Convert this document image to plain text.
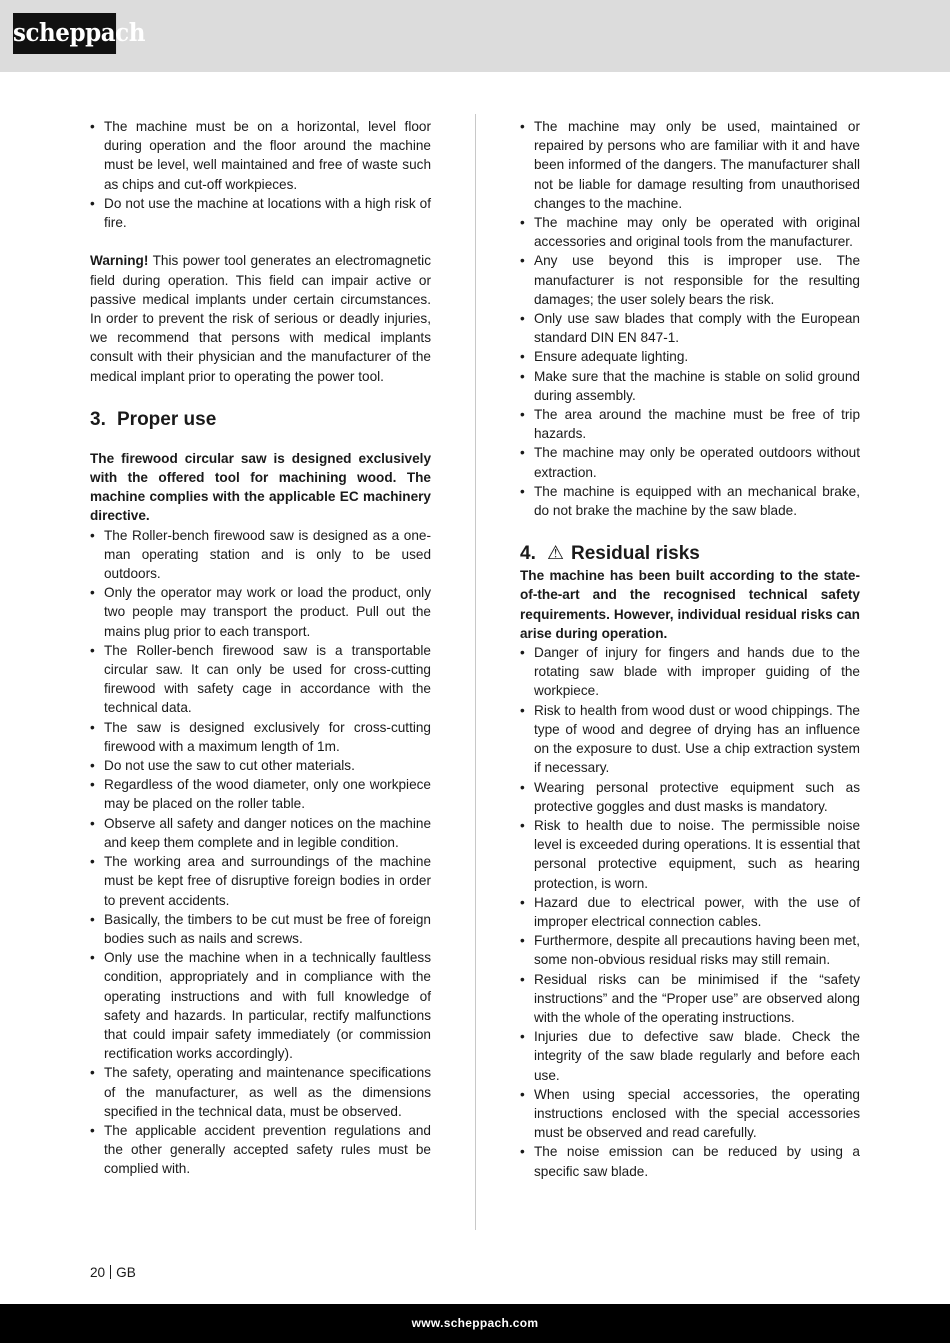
scheppach
• The machine must be on a horizontal, level floor during operation and the floor around the machine must be level, well maintained and free of waste such as chips and cut-off workpieces.
• Do not use the machine at locations with a high risk of fire.

Warning! This power tool generates an electromagnetic field during operation. This field can impair active or passive medical implants under certain circumstances. In order to prevent the risk of serious or deadly injuries, we recommend that persons with medical implants consult with their physician and the manufacturer of the medical implant prior to operating the power tool.

3. Proper use

The firewood circular saw is designed exclusively with the offered tool for machining wood. The machine complies with the applicable EC machinery directive.

• The Roller-bench firewood saw is designed as a one-man operating station and is only to be used outdoors.
• Only the operator may work or load the product, only two people may transport the product. Pull out the mains plug prior to each transport.
• The Roller-bench firewood saw is a transportable circular saw. It can only be used for cross-cutting firewood with safety cage in accordance with the technical data.
• The saw is designed exclusively for cross-cutting firewood with a maximum length of 1m.
• Do not use the saw to cut other materials.
• Regardless of the wood diameter, only one workpiece may be placed on the roller table.
• Observe all safety and danger notices on the machine and keep them complete and in legible condition.
• The working area and surroundings of the machine must be kept free of disruptive foreign bodies in order to prevent accidents.
• Basically, the timbers to be cut must be free of foreign bodies such as nails and screws.
• Only use the machine when in a technically faultless condition, appropriately and in compliance with the operating instructions and with full knowledge of safety and hazards. In particular, rectify malfunctions that could impair safety immediately (or commission rectification works accordingly).
• The safety, operating and maintenance specifications of the manufacturer, as well as the dimensions specified in the technical data, must be observed.
• The applicable accident prevention regulations and the other generally accepted safety rules must be complied with.
• The machine may only be used, maintained or repaired by persons who are familiar with it and have been informed of the dangers. The manufacturer shall not be liable for damage resulting from unauthorised changes to the machine.
• The machine may only be operated with original accessories and original tools from the manufacturer.
• Any use beyond this is improper use. The manufacturer is not responsible for the resulting damages; the user solely bears the risk.
• Only use saw blades that comply with the European standard DIN EN 847-1.
• Ensure adequate lighting.
• Make sure that the machine is stable on solid ground during assembly.
• The area around the machine must be free of trip hazards.
• The machine may only be operated outdoors without extraction.
• The machine is equipped with an mechanical brake, do not brake the machine by the saw blade.
4. ⚠ Residual risks

The machine has been built according to the state-of-the-art and the recognised technical safety requirements. However, individual residual risks can arise during operation.

• Danger of injury for fingers and hands due to the rotating saw blade with improper guiding of the workpiece.
• Risk to health from wood dust or wood chippings. The type of wood and degree of drying has an influence on the exposure to dust. Use a chip extraction system if necessary.
• Wearing personal protective equipment such as protective goggles and dust masks is mandatory.
• Risk to health due to noise. The permissible noise level is exceeded during operations. It is essential that personal protective equipment, such as hearing protection, is worn.
• Hazard due to electrical power, with the use of improper electrical connection cables.
• Furthermore, despite all precautions having been met, some non-obvious residual risks may still remain.
• Residual risks can be minimised if the “safety instructions” and the “Proper use” are observed along with the whole of the operating instructions.
• Injuries due to defective saw blade. Check the integrity of the saw blade regularly and before each use.
• When using special accessories, the operating instructions enclosed with the special accessories must be observed and read carefully.
• The noise emission can be reduced by using a specific saw blade.
20 GB
www.scheppach.com
